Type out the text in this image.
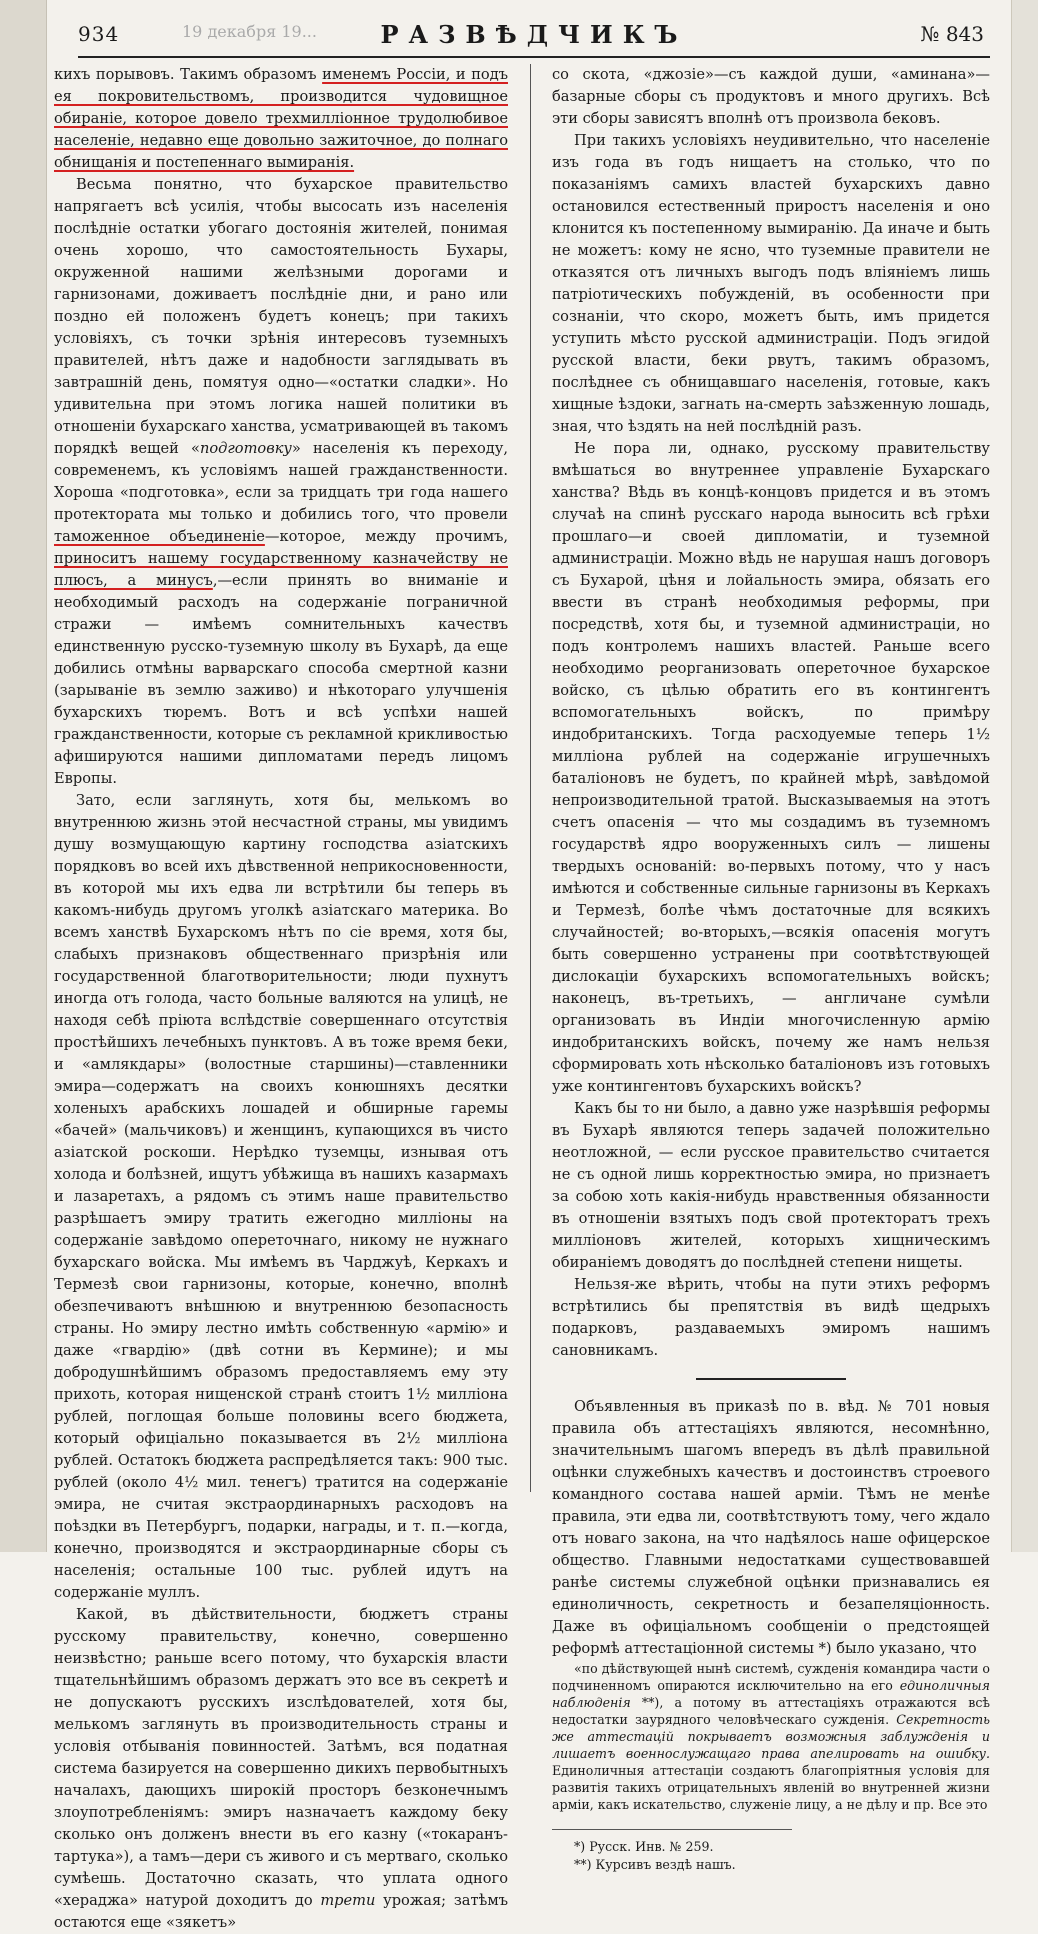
934	19 декабря 19...	РАЗВѢДЧИКЪ	№ 843

кихъ порывовъ. Такимъ образомъ именемъ Россіи, и подъ ея покровительствомъ, производится чудовищное обираніе, которое довело трехмилліонное трудолюбивое населеніе, недавно еще довольно зажиточное, до полнаго обнищанія и постепеннаго вымиранія.

Весьма понятно, что бухарское правительство напрягаетъ всѣ усилія, чтобы высосать изъ населенія послѣдніе остатки убогаго достоянія жителей, понимая очень хорошо, что самостоятельность Бухары, окруженной нашими желѣзными дорогами и гарнизонами, доживаетъ послѣдніе дни, и рано или поздно ей положенъ будетъ конецъ; при такихъ условіяхъ, съ точки зрѣнія интересовъ туземныхъ правителей, нѣтъ даже и надобности заглядывать въ завтрашній день, помятуя одно—«остатки сладки». Но удивительна при этомъ логика нашей политики въ отношеніи бухарскаго ханства, усматривающей въ такомъ порядкѣ вещей «подготовку» населенія къ переходу, современемъ, къ условіямъ нашей гражданственности. Хороша «подготовка», если за тридцать три года нашего протектората мы только и добились того, что провели таможенное объединеніе—которое, между прочимъ, приноситъ нашему государственному казначейству не плюсъ, а минусъ,—если принять во вниманіе и необходимый расходъ на содержаніе пограничной стражи — имѣемъ сомнительныхъ качествъ единственную русско-туземную школу въ Бухарѣ, да еще добились отмѣны варварскаго способа смертной казни (зарываніе въ землю заживо) и нѣкотораго улучшенія бухарскихъ тюремъ. Вотъ и всѣ успѣхи нашей гражданственности, которые съ рекламной крикливостью афишируются нашими дипломатами передъ лицомъ Европы.

Зато, если заглянуть, хотя бы, мелькомъ во внутреннюю жизнь этой несчастной страны, мы увидимъ душу возмущающую картину господства азіатскихъ порядковъ во всей ихъ дѣвственной неприкосновенности, въ которой мы ихъ едва ли встрѣтили бы теперь въ какомъ-нибудь другомъ уголкѣ азіатскаго материка. Во всемъ ханствѣ Бухарскомъ нѣтъ по сіе время, хотя бы, слабыхъ признаковъ общественнаго призрѣнія или государственной благотворительности; люди пухнутъ иногда отъ голода, часто больные валяются на улицѣ, не находя себѣ пріюта вслѣдствіе совершеннаго отсутствія простѣйшихъ лечебныхъ пунктовъ. А въ тоже время беки, и «амлякдары» (волостные старшины)—ставленники эмира—содержатъ на своихъ конюшняхъ десятки холеныхъ арабскихъ лошадей и обширные гаремы «бачей» (мальчиковъ) и женщинъ, купающихся въ чисто азіатской роскоши. Нерѣдко туземцы, изнывая отъ холода и болѣзней, ищутъ убѣжища въ нашихъ казармахъ и лазаретахъ, а рядомъ съ этимъ наше правительство разрѣшаетъ эмиру тратить ежегодно милліоны на содержаніе завѣдомо опереточнаго, никому не нужнаго бухарскаго войска. Мы имѣемъ въ Чарджуѣ, Керкахъ и Термезѣ свои гарнизоны, которые, конечно, вполнѣ обезпечиваютъ внѣшнюю и внутреннюю безопасность страны. Но эмиру лестно имѣть собственную «армію» и даже «гвардію» (двѣ сотни въ Кермине); и мы добродушнѣйшимъ образомъ предоставляемъ ему эту прихоть, которая нищенской странѣ стоитъ 1½ милліона рублей, поглощая больше половины всего бюджета, который офиціально показывается въ 2½ милліона рублей. Остатокъ бюджета распредѣляется такъ: 900 тыс. рублей (около 4½ мил. тенегъ) тратится на содержаніе эмира, не считая экстраординарныхъ расходовъ на поѣздки въ Петербургъ, подарки, награды, и т. п.—когда, конечно, производятся и экстраординарные сборы съ населенія; остальные 100 тыс. рублей идутъ на содержаніе муллъ.

Какой, въ дѣйствительности, бюджетъ страны русскому правительству, конечно, совершенно неизвѣстно; раньше всего потому, что бухарскія власти тщательнѣйшимъ образомъ держатъ это все въ секретѣ и не допускаютъ русскихъ изслѣдователей, хотя бы, мелькомъ заглянуть въ производительность страны и условія отбыванія повинностей. Затѣмъ, вся податная система базируется на совершенно дикихъ первобытныхъ началахъ, дающихъ широкій просторъ безконечнымъ злоупотребленіямъ: эмиръ назначаетъ каждому беку сколько онъ долженъ внести въ его казну («токаранъ-тартука»), а тамъ—дери съ живого и съ мертваго, сколько сумѣешь. Достаточно сказать, что уплата одного «хераджа» натурой доходитъ до трети урожая; затѣмъ остаются еще «зякетъ»

со скота, «джозіе»—съ каждой души, «аминана»—базарные сборы съ продуктовъ и много другихъ. Всѣ эти сборы зависятъ вполнѣ отъ произвола бековъ.

При такихъ условіяхъ неудивительно, что населеніе изъ года въ годъ нищаетъ на столько, что по показаніямъ самихъ властей бухарскихъ давно остановился естественный приростъ населенія и оно клонится къ постепенному вымиранію. Да иначе и быть не можетъ: кому не ясно, что туземные правители не отказятся отъ личныхъ выгодъ подъ вліяніемъ лишь патріотическихъ побужденій, въ особенности при сознаніи, что скоро, можетъ быть, имъ придется уступить мѣсто русской администраціи. Подъ эгидой русской власти, беки рвутъ, такимъ образомъ, послѣднее съ обнищавшаго населенія, готовые, какъ хищные ѣздоки, загнать на-смерть заѣзженную лошадь, зная, что ѣздять на ней послѣдній разъ.

Не пора ли, однако, русскому правительству вмѣшаться во внутреннее управленіе Бухарскаго ханства? Вѣдь въ концѣ-концовъ придется и въ этомъ случаѣ на спинѣ русскаго народа выносить всѣ грѣхи прошлаго—и своей дипломатіи, и туземной администраціи. Можно вѣдь не нарушая нашъ договоръ съ Бухарой, цѣня и лойальность эмира, обязать его ввести въ странѣ необходимыя реформы, при посредствѣ, хотя бы, и туземной администраціи, но подъ контролемъ нашихъ властей. Раньше всего необходимо реорганизовать опереточное бухарское войско, съ цѣлью обратить его въ контингентъ вспомогательныхъ войскъ, по примѣру индобританскихъ. Тогда расходуемые теперь 1½ милліона рублей на содержаніе игрушечныхъ баталіоновъ не будетъ, по крайней мѣрѣ, завѣдомой непроизводительной тратой. Высказываемыя на этотъ счетъ опасенія — что мы создадимъ въ туземномъ государствѣ ядро вооруженныхъ силъ — лишены твердыхъ основаній: во-первыхъ потому, что у насъ имѣются и собственные сильные гарнизоны въ Керкахъ и Термезѣ, болѣе чѣмъ достаточные для всякихъ случайностей; во-вторыхъ,—всякія опасенія могутъ быть совершенно устранены при соотвѣтствующей дислокаціи бухарскихъ вспомогательныхъ войскъ; наконецъ, въ-третьихъ, — англичане сумѣли организовать въ Индіи многочисленную армію индобританскихъ войскъ, почему же намъ нельзя сформировать хоть нѣсколько баталіоновъ изъ готовыхъ уже контингентовъ бухарскихъ войскъ?

Какъ бы то ни было, а давно уже назрѣвшія реформы въ Бухарѣ являются теперь задачей положительно неотложной, — если русское правительство считается не съ одной лишь корректностью эмира, но признаетъ за собою хоть какія-нибудь нравственныя обязанности въ отношеніи взятыхъ подъ свой протекторатъ трехъ милліоновъ жителей, которыхъ хищническимъ обираніемъ доводятъ до послѣдней степени нищеты.

Нельзя-же вѣрить, чтобы на пути этихъ реформъ встрѣтились бы препятствія въ видѣ щедрыхъ подарковъ, раздаваемыхъ эмиромъ нашимъ сановникамъ.

Объявленныя въ приказѣ по в. вѣд. № 701 новыя правила объ аттестаціяхъ являются, несомнѣнно, значительнымъ шагомъ впередъ въ дѣлѣ правильной оцѣнки служебныхъ качествъ и достоинствъ строевого командного состава нашей арміи. Тѣмъ не менѣе правила, эти едва ли, соотвѣтствуютъ тому, чего ждало отъ новаго закона, на что надѣялось наше офицерское общество. Главными недостатками существовавшей ранѣе системы служебной оцѣнки признавались ея единоличность, секретность и безапеляціонность. Даже въ офиціальномъ сообщеніи о предстоящей реформѣ аттестаціонной системы *) было указано, что

«по дѣйствующей нынѣ системѣ, сужденія командира части о подчиненномъ опираются исключительно на его единоличныя наблюденія **), а потому въ аттестаціяхъ отражаются всѣ недостатки заурядного человѣческаго сужденія. Секретность же аттестацій покрываетъ возможныя заблужденія и лишаетъ военнослужащаго права апелировать на ошибку. Единоличныя аттестаціи создаютъ благопріятныя условія для развитія такихъ отрицательныхъ явленій во внутренней жизни арміи, какъ искательство, служеніе лицу, а не дѣлу и пр. Все это

*) Русск. Инв. № 259.

**) Курсивъ вездѣ нашъ.
